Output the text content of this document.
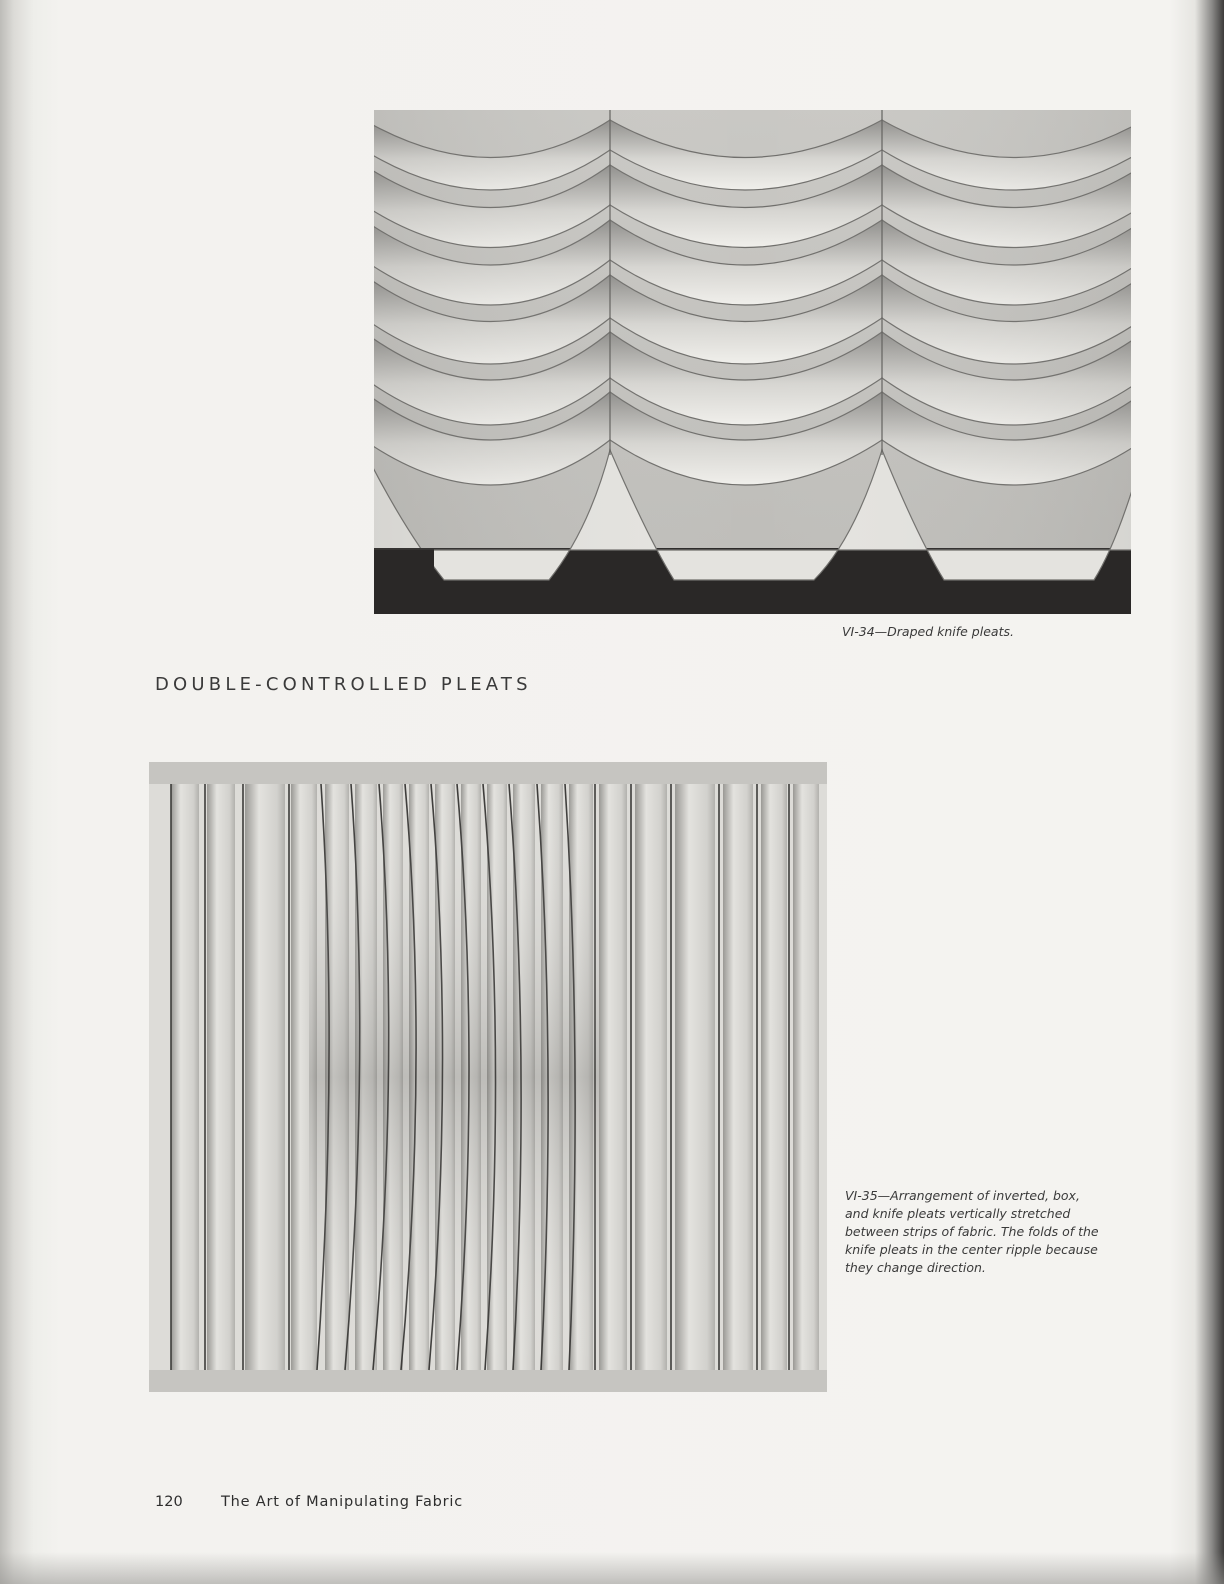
VI-34—Draped knife pleats.
DOUBLE-CONTROLLED PLEATS
VI-35—Arrangement of inverted, box, and knife pleats vertically stretched between strips of fabric. The folds of the knife pleats in the center ripple because they change direction.
120	The Art of Manipulating Fabric
